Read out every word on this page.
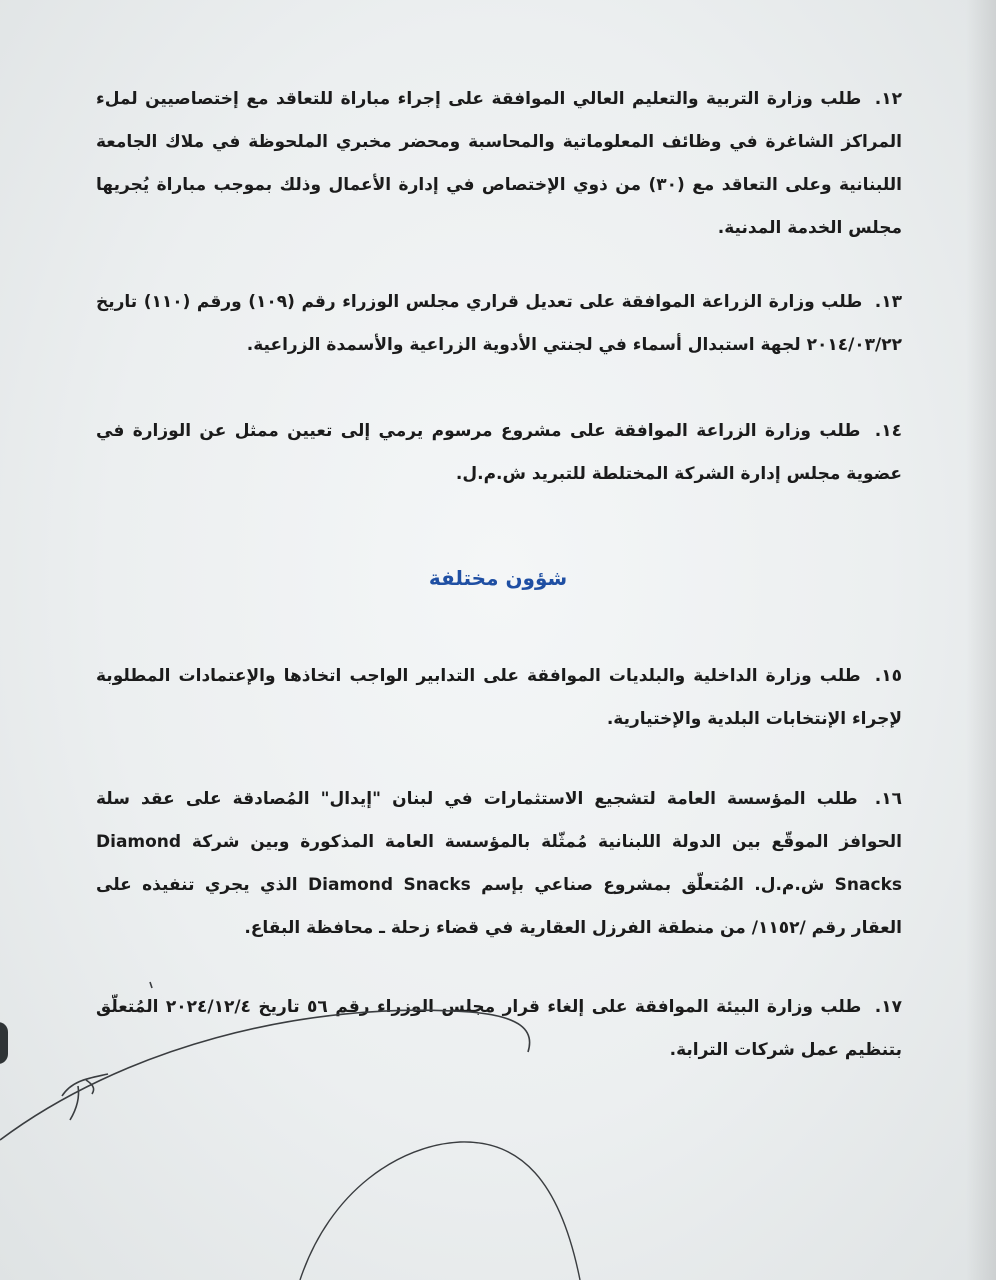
١٢. طلب وزارة التربية والتعليم العالي الموافقة على إجراء مباراة للتعاقد مع إختصاصيين لملء المراكز الشاغرة في وظائف المعلوماتية والمحاسبة ومحضر مخبري الملحوظة في ملاك الجامعة اللبنانية وعلى التعاقد مع (٣٠) من ذوي الإختصاص في إدارة الأعمال وذلك بموجب مباراة يُجريها مجلس الخدمة المدنية.
١٣. طلب وزارة الزراعة الموافقة على تعديل قراري مجلس الوزراء رقم (١٠٩) ورقم (١١٠) تاريخ ٢٠١٤/٠٣/٢٢ لجهة استبدال أسماء في لجنتي الأدوية الزراعية والأسمدة الزراعية.
١٤. طلب وزارة الزراعة الموافقة على مشروع مرسوم يرمي إلى تعيين ممثل عن الوزارة في عضوية مجلس إدارة الشركة المختلطة للتبريد ش.م.ل.
شؤون مختلفة
١٥. طلب وزارة الداخلية والبلديات الموافقة على التدابير الواجب اتخاذها والإعتمادات المطلوبة لإجراء الإنتخابات البلدية والإختيارية.
١٦. طلب المؤسسة العامة لتشجيع الاستثمارات في لبنان "إيدال" المُصادقة على عقد سلة الحوافز الموقّع بين الدولة اللبنانية مُمثّلة بالمؤسسة العامة المذكورة وبين شركة Diamond Snacks ش.م.ل. المُتعلّق بمشروع صناعي بإسم Diamond Snacks الذي يجري تنفيذه على العقار رقم /١١٥٢/ من منطقة الفرزل العقارية في قضاء زحلة ـ محافظة البقاع.
١٧. طلب وزارة البيئة الموافقة على إلغاء قرار مجلس الوزراء رقم ٥٦ تاريخ ٢٠٢٤/١٢/٤ المُتعلّق بتنظيم عمل شركات الترابة.
